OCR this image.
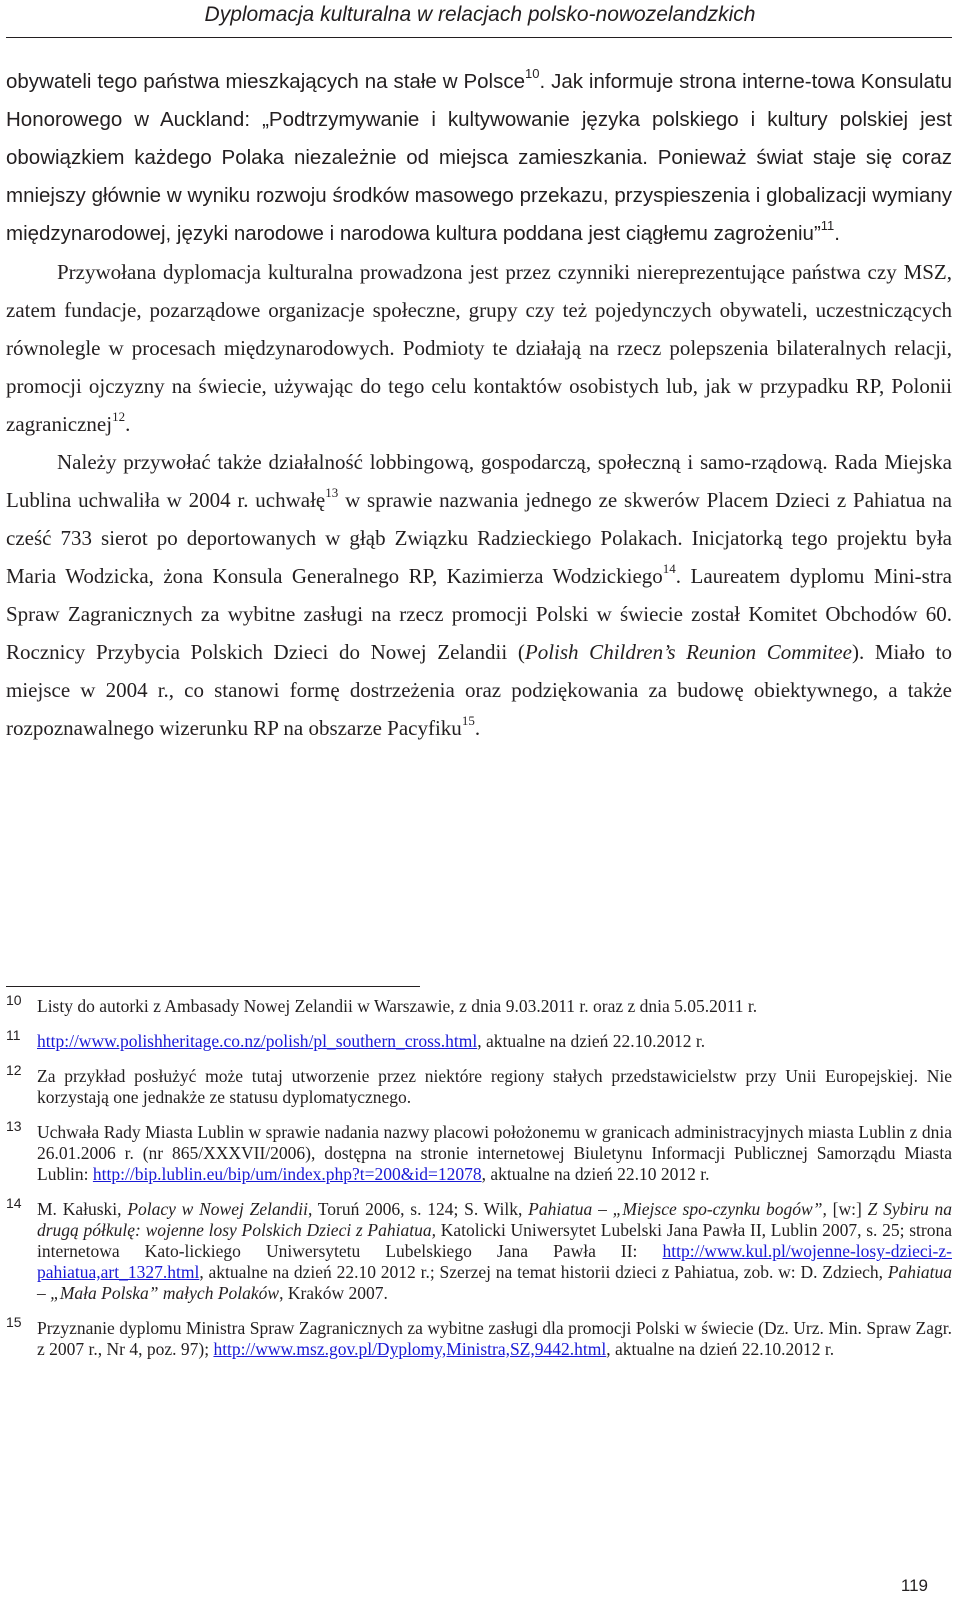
Dyplomacja kulturalna w relacjach polsko-nowozelandzkich

obywateli tego państwa mieszkających na stałe w Polsce$^{10}$. Jak informuje strona interne-towa Konsulatu Honorowego w Auckland: „Podtrzymywanie i kultywowanie języka polskiego i kultury polskiej jest obowiązkiem każdego Polaka niezależnie od miejsca zamieszkania. Ponieważ świat staje się coraz mniejszy głównie w wyniku rozwoju środków masowego przekazu, przyspieszenia i globalizacji wymiany międzynarodowej, języki narodowe i narodowa kultura poddana jest ciągłemu zagrożeniu”$^{11}$.

Przywołana dyplomacja kulturalna prowadzona jest przez czynniki niereprezentujące państwa czy MSZ, zatem fundacje, pozarządowe organizacje społeczne, grupy czy też pojedynczych obywateli, uczestniczących równolegle w procesach międzynarodowych. Podmioty te działają na rzecz polepszenia bilateralnych relacji, promocji ojczyzny na świecie, używając do tego celu kontaktów osobistych lub, jak w przypadku RP, Polonii zagranicznej$^{12}$.

Należy przywołać także działalność lobbingową, gospodarczą, społeczną i samo-rządową. Rada Miejska Lublina uchwaliła w 2004 r. uchwałę$^{13}$ w sprawie nazwania jednego ze skwerów Placem Dzieci z Pahiatua na cześć 733 sierot po deportowanych w głąb Związku Radzieckiego Polakach. Inicjatorką tego projektu była Maria Wodzicka, żona Konsula Generalnego RP, Kazimierza Wodzickiego$^{14}$. Laureatem dyplomu Mini-stra Spraw Zagranicznych za wybitne zasługi na rzecz promocji Polski w świecie został Komitet Obchodów 60. Rocznicy Przybycia Polskich Dzieci do Nowej Zelandii (Polish Children’s Reunion Commitee). Miało to miejsce w 2004 r., co stanowi formę dostrzeżenia oraz podziękowania za budowę obiektywnego, a także rozpoznawalnego wizerunku RP na obszarze Pacyfiku$^{15}$.

10 Listy do autorki z Ambasady Nowej Zelandii w Warszawie, z dnia 9.03.2011 r. oraz z dnia 5.05.2011 r.
11 http://www.polishheritage.co.nz/polish/pl_southern_cross.html, aktualne na dzień 22.10.2012 r.
12 Za przykład posłużyć może tutaj utworzenie przez niektóre regiony stałych przedstawicielstw przy Unii Europejskiej. Nie korzystają one jednakże ze statusu dyplomatycznego.
13 Uchwała Rady Miasta Lublin w sprawie nadania nazwy placowi położonemu w granicach administracyjnych miasta Lublin z dnia 26.01.2006 r. (nr 865/XXXVII/2006), dostępna na stronie internetowej Biuletynu Informacji Publicznej Samorządu Miasta Lublin: http://bip.lublin.eu/bip/um/index.php?t=200&id=12078, aktualne na dzień 22.10 2012 r.
14 M. Kałuski, Polacy w Nowej Zelandii, Toruń 2006, s. 124; S. Wilk, Pahiatua – „Miejsce spo-czynku bogów”, [w:] Z Sybiru na drugą półkulę: wojenne losy Polskich Dzieci z Pahiatua, Katolicki Uniwersytet Lubelski Jana Pawła II, Lublin 2007, s. 25; strona internetowa Kato-lickiego Uniwersytetu Lubelskiego Jana Pawła II: http://www.kul.pl/wojenne-losy-dzieci-z-pahiatua,art_1327.html, aktualne na dzień 22.10 2012 r.; Szerzej na temat historii dzieci z Pahiatua, zob. w: D. Zdziech, Pahiatua – „Mała Polska” małych Polaków, Kraków 2007.
15 Przyznanie dyplomu Ministra Spraw Zagranicznych za wybitne zasługi dla promocji Polski w świecie (Dz. Urz. Min. Spraw Zagr. z 2007 r., Nr 4, poz. 97); http://www.msz.gov.pl/Dyplomy,Ministra,SZ,9442.html, aktualne na dzień 22.10.2012 r.
119
